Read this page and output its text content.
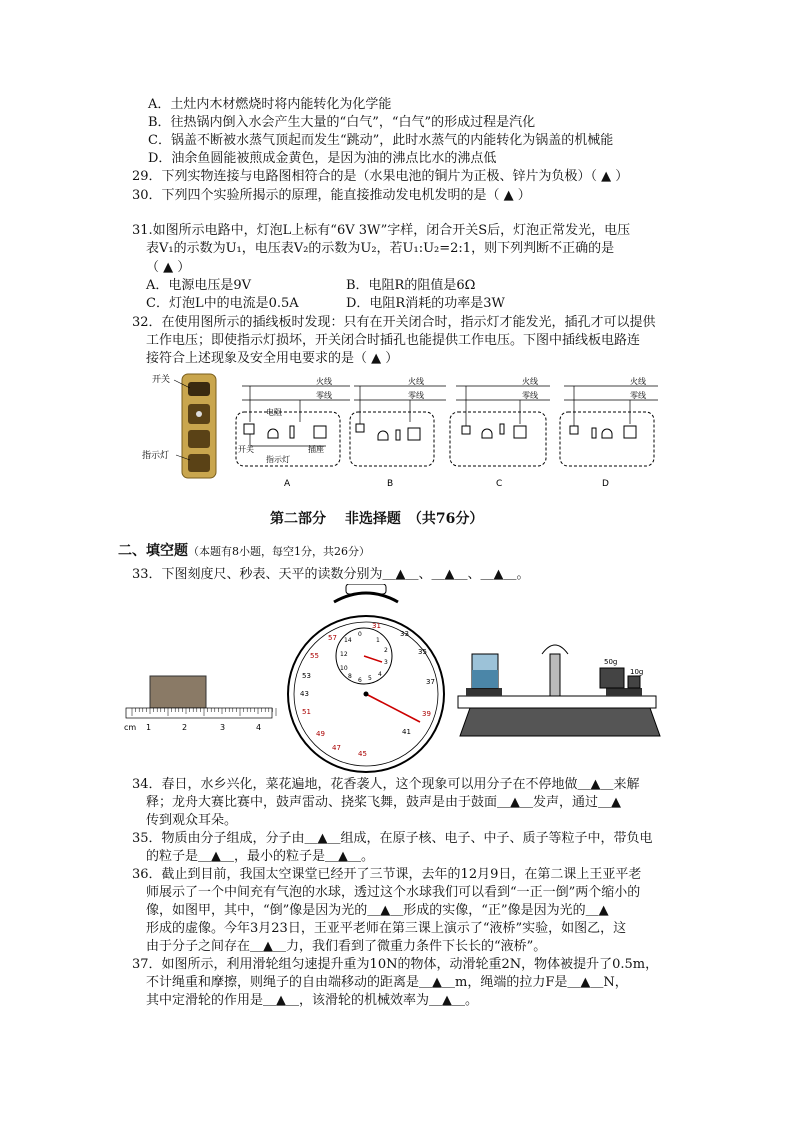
A．土灶内木材燃烧时将内能转化为化学能
B．往热锅内倒入水会产生大量的“白气”，“白气”的形成过程是汽化
C．锅盖不断被水蒸气顶起而发生“跳动”，此时水蒸气的内能转化为锅盖的机械能
D．油余鱼圆能被煎成金黄色，是因为油的沸点比水的沸点低
29．下列实物连接与电路图相符合的是（水果电池的铜片为正极、锌片为负极）（ ▲ ）
30．下列四个实验所揭示的原理，能直接推动发电机发明的是（ ▲ ）
31.如图所示电路中，灯泡L上标有“6V 3W”字样，闭合开关S后，灯泡正常发光，电压
表V₁的示数为U₁，电压表V₂的示数为U₂，若U₁:U₂=2:1，则下列判断不正确的是
（ ▲ ）
A．电源电压是9V	B．电阻R的阻值是6Ω
C．灯泡L中的电流是0.5A	D．电阻R消耗的功率是3W
32．在使用图所示的插线板时发现：只有在开关闭合时，指示灯才能发光，插孔才可以提供
工作电压；即使指示灯损坏，开关闭合时插孔也能提供工作电压。下图中插线板电路连
接符合上述现象及安全用电要求的是（ ▲ ）
开关
指示灯
电阻
开关
指示灯
插座
火线
零线
A
火线
零线
B
火线
零线
C
火线
零线
D
第二部分　 非选择题　（共76分）
二、填空题（本题有8小题，每空1分，共26分）
33．下图刻度尺、秒表、天平的读数分别为＿▲＿、＿▲＿、＿▲＿。
cm 1	2	3	4
0
14	1
2
12
3
10
4
5
8
6
31
33
35
57
55
53
51
49
47
45
43
41
39
37
50g
10g
34．春日，水乡兴化，菜花遍地，花香袭人，这个现象可以用分子在不停地做＿▲＿来解
释；龙舟大赛比赛中，鼓声雷动、挠桨飞舞，鼓声是由于鼓面＿▲＿发声，通过＿▲
传到观众耳朵。
35．物质由分子组成，分子由＿▲＿组成，在原子核、电子、中子、质子等粒子中，带负电
的粒子是＿▲＿，最小的粒子是＿▲＿。
36．截止到目前，我国太空课堂已经开了三节课，去年的12月9日，在第二课上王亚平老
师展示了一个中间充有气泡的水球，透过这个水球我们可以看到“一正一倒”两个缩小的
像，如图甲，其中，“倒”像是因为光的＿▲＿形成的实像，“正”像是因为光的＿▲
形成的虚像。今年3月23日，王亚平老师在第三课上演示了“液桥”实验，如图乙，这
由于分子之间存在＿▲＿力，我们看到了微重力条件下长长的“液桥”。
37．如图所示，利用滑轮组匀速提升重为10N的物体，动滑轮重2N，物体被提升了0.5m，
不计绳重和摩擦，则绳子的自由端移动的距离是＿▲＿m，绳端的拉力F是＿▲＿N，
其中定滑轮的作用是＿▲＿，该滑轮的机械效率为＿▲＿。
